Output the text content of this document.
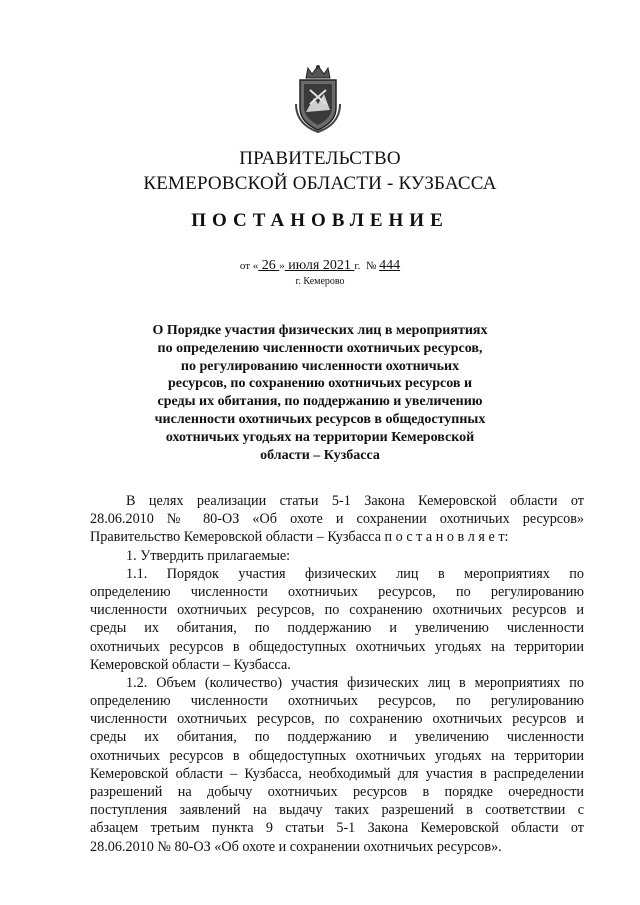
ПРАВИТЕЛЬСТВО
КЕМЕРОВСКОЙ ОБЛАСТИ - КУЗБАССА
ПОСТАНОВЛЕНИЕ
от « 26 » июля 2021 г. № 444
г. Кемерово
О Порядке участия физических лиц в мероприятиях
по определению численности охотничьих ресурсов,
по регулированию численности охотничьих
ресурсов, по сохранению охотничьих ресурсов и
среды их обитания, по поддержанию и увеличению
численности охотничьих ресурсов в общедоступных
охотничьих угодьях на территории Кемеровской
области – Кузбасса
В целях реализации статьи 5-1 Закона Кемеровской области от
28.06.2010 № 80-ОЗ «Об охоте и сохранении охотничьих ресурсов»
Правительство Кемеровской области – Кузбасса п о с т а н о в л я е т:
1. Утвердить прилагаемые:
1.1. Порядок участия физических лиц в мероприятиях по
определению численности охотничьих ресурсов, по регулированию
численности охотничьих ресурсов, по сохранению охотничьих ресурсов и
среды их обитания, по поддержанию и увеличению численности
охотничьих ресурсов в общедоступных охотничьих угодьях на территории
Кемеровской области – Кузбасса.
1.2. Объем (количество) участия физических лиц в мероприятиях по
определению численности охотничьих ресурсов, по регулированию
численности охотничьих ресурсов, по сохранению охотничьих ресурсов и
среды их обитания, по поддержанию и увеличению численности
охотничьих ресурсов в общедоступных охотничьих угодьях на территории
Кемеровской области – Кузбасса, необходимый для участия в распределении
разрешений на добычу охотничьих ресурсов в порядке очередности
поступления заявлений на выдачу таких разрешений в соответствии с
абзацем третьим пункта 9 статьи 5-1 Закона Кемеровской области от
28.06.2010 № 80-ОЗ «Об охоте и сохранении охотничьих ресурсов».
